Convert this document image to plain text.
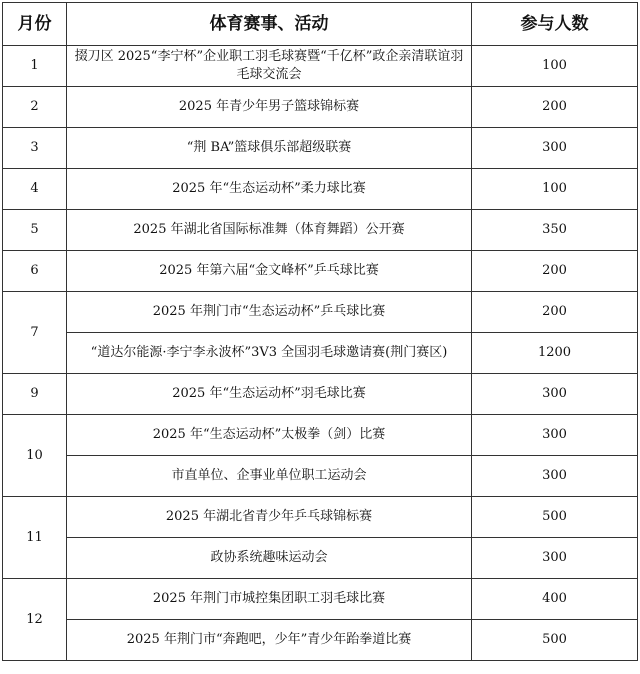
月份	体育赛事、活动	参与人数
1	掇刀区 2025“李宁杯”企业职工羽毛球赛暨“千亿杯”政企亲清联谊羽毛球交流会	100
2	2025 年青少年男子篮球锦标赛	200
3	“荆 BA”篮球俱乐部超级联赛	300
4	2025 年“生态运动杯”柔力球比赛	100
5	2025 年湖北省国际标准舞（体育舞蹈）公开赛	350
6	2025 年第六届“金文峰杯”乒乓球比赛	200
7	2025 年荆门市“生态运动杯”乒乓球比赛	200
	“道达尔能源·李宁李永波杯”3V3 全国羽毛球邀请赛(荆门赛区)	1200
9	2025 年“生态运动杯”羽毛球比赛	300
10	2025 年“生态运动杯”太极拳（剑）比赛	300
	市直单位、企事业单位职工运动会	300
11	2025 年湖北省青少年乒乓球锦标赛	500
	政协系统趣味运动会	300
12	2025 年荆门市城控集团职工羽毛球比赛	400
	2025 年荆门市“奔跑吧，少年”青少年跆拳道比赛	500
